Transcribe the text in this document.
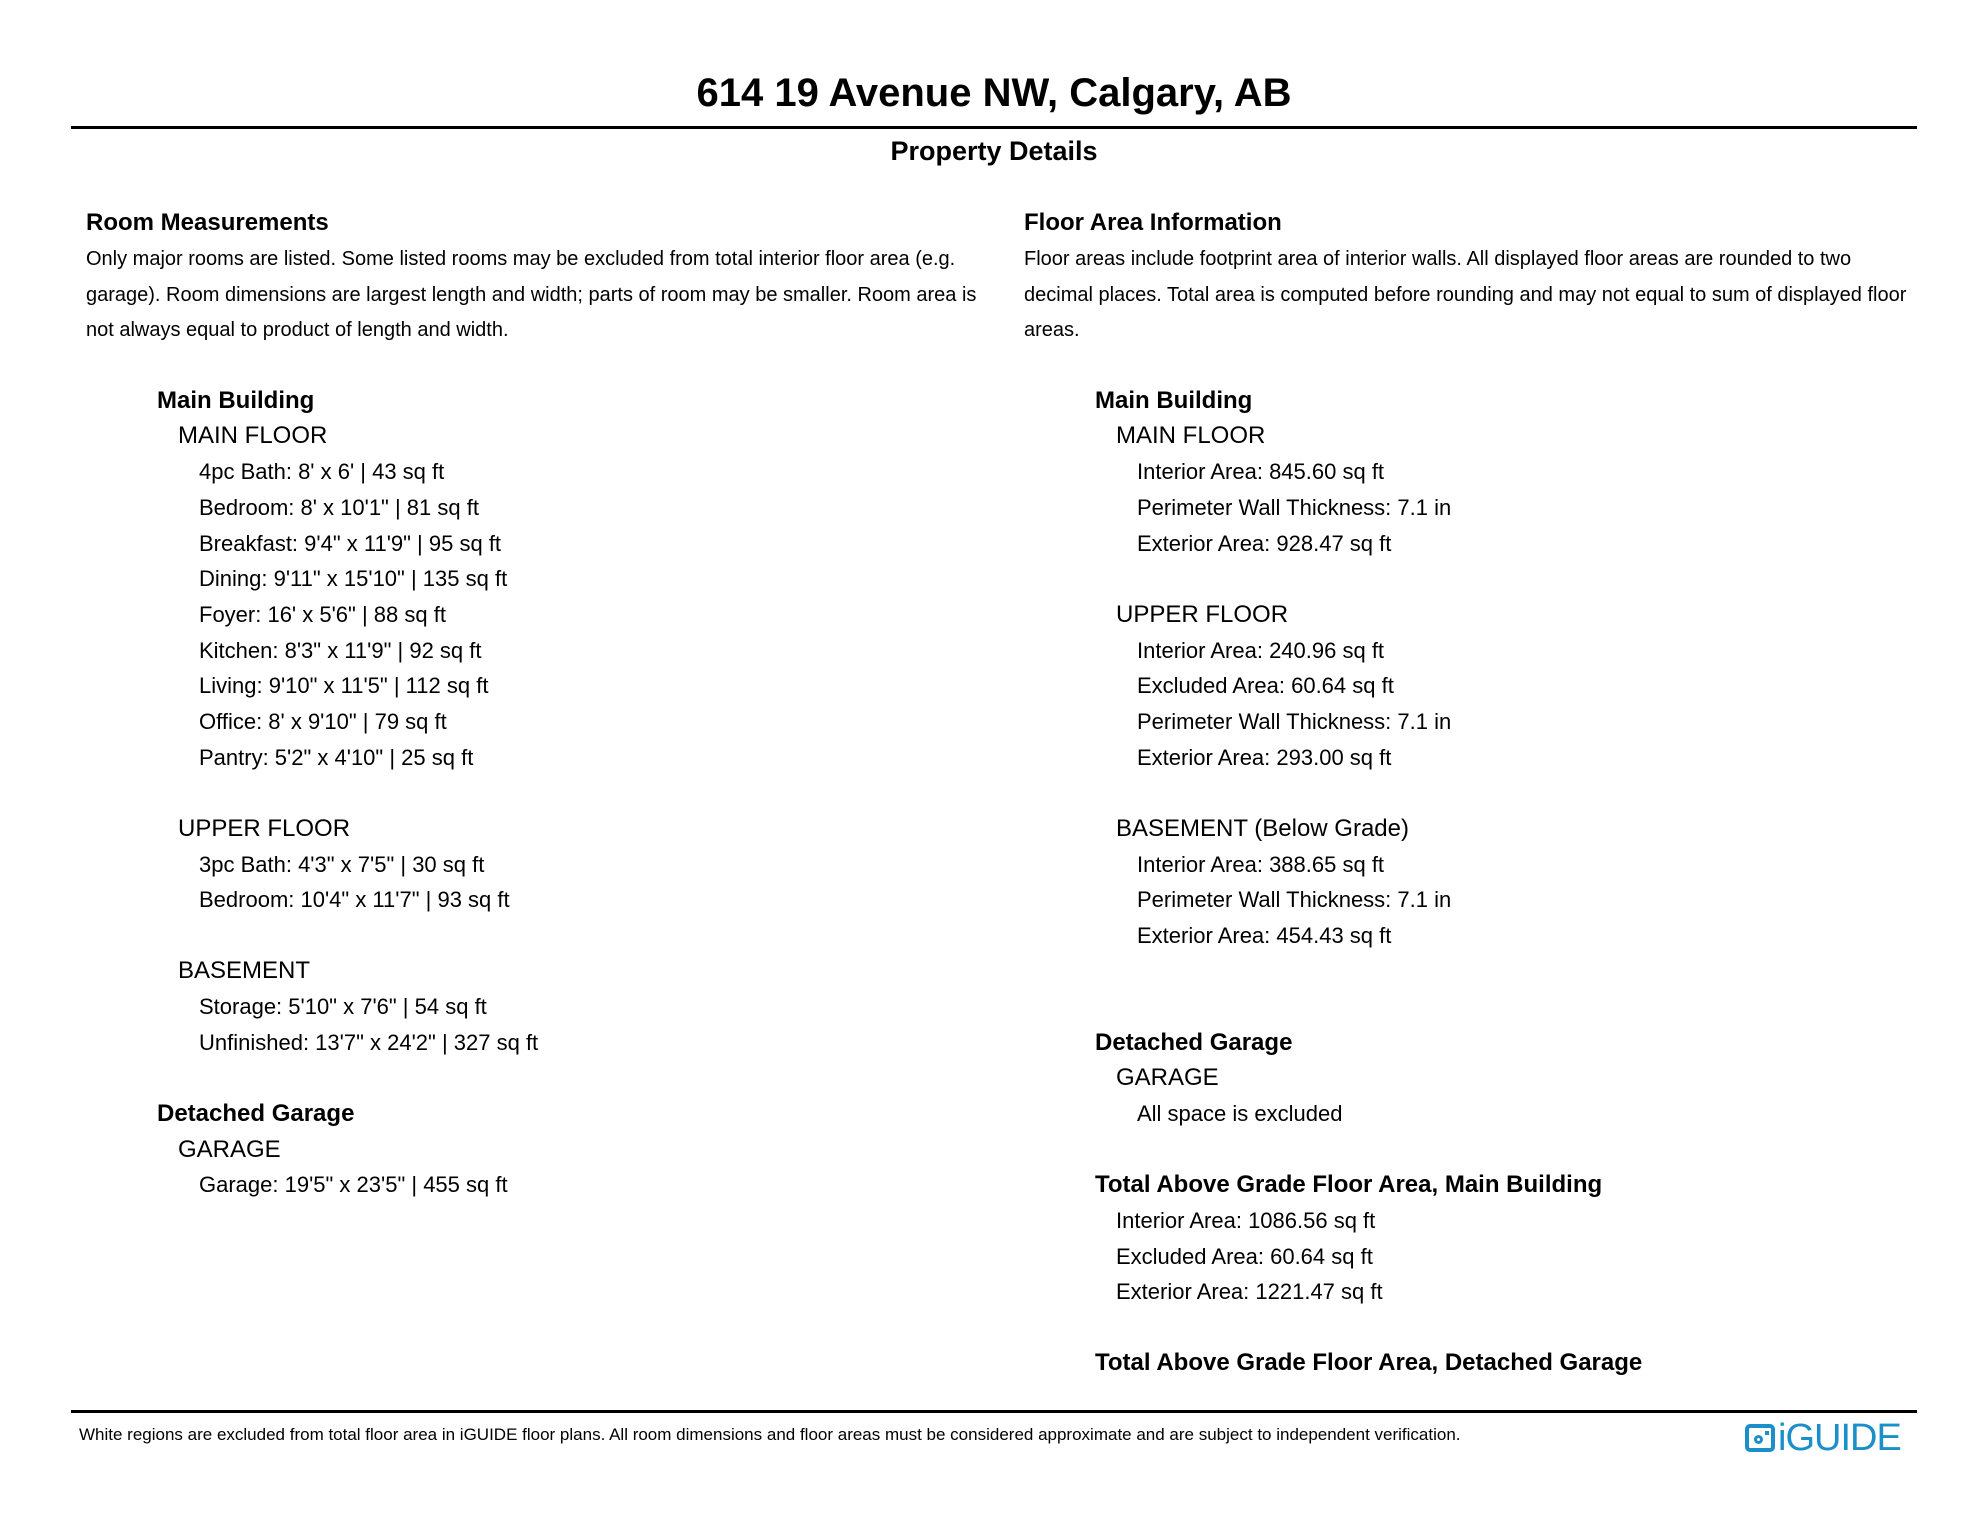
614 19 Avenue NW, Calgary, AB
Property Details
Room Measurements
Only major rooms are listed. Some listed rooms may be excluded from total interior floor area (e.g. garage). Room dimensions are largest length and width; parts of room may be smaller. Room area is not always equal to product of length and width.
Main Building
MAIN FLOOR
4pc Bath: 8' x 6' | 43 sq ft
Bedroom: 8' x 10'1" | 81 sq ft
Breakfast: 9'4" x 11'9" | 95 sq ft
Dining: 9'11" x 15'10" | 135 sq ft
Foyer: 16' x 5'6" | 88 sq ft
Kitchen: 8'3" x 11'9" | 92 sq ft
Living: 9'10" x 11'5" | 112 sq ft
Office: 8' x 9'10" | 79 sq ft
Pantry: 5'2" x 4'10" | 25 sq ft
UPPER FLOOR
3pc Bath: 4'3" x 7'5" | 30 sq ft
Bedroom: 10'4" x 11'7" | 93 sq ft
BASEMENT
Storage: 5'10" x 7'6" | 54 sq ft
Unfinished: 13'7" x 24'2" | 327 sq ft
Detached Garage
GARAGE
Garage: 19'5" x 23'5" | 455 sq ft
Floor Area Information
Floor areas include footprint area of interior walls. All displayed floor areas are rounded to two decimal places. Total area is computed before rounding and may not equal to sum of displayed floor areas.
Main Building
MAIN FLOOR
Interior Area: 845.60 sq ft
Perimeter Wall Thickness: 7.1 in
Exterior Area: 928.47 sq ft
UPPER FLOOR
Interior Area: 240.96 sq ft
Excluded Area: 60.64 sq ft
Perimeter Wall Thickness: 7.1 in
Exterior Area: 293.00 sq ft
BASEMENT (Below Grade)
Interior Area: 388.65 sq ft
Perimeter Wall Thickness: 7.1 in
Exterior Area: 454.43 sq ft
Detached Garage
GARAGE
All space is excluded
Total Above Grade Floor Area, Main Building
Interior Area: 1086.56 sq ft
Excluded Area: 60.64 sq ft
Exterior Area: 1221.47 sq ft
Total Above Grade Floor Area, Detached Garage
White regions are excluded from total floor area in iGUIDE floor plans. All room dimensions and floor areas must be considered approximate and are subject to independent verification.	iGUIDE
